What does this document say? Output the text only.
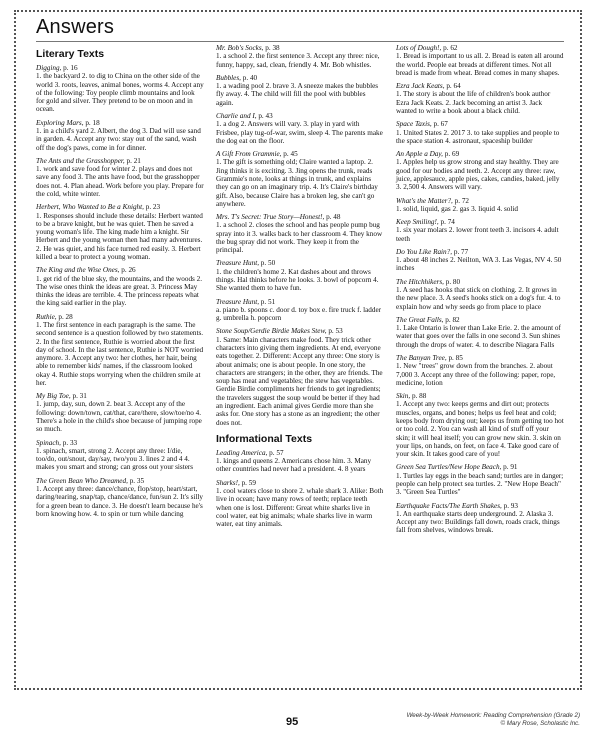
Answers
Literary Texts
Digging, p. 16
1. the backyard 2. to dig to China on the other side of the world 3. roots, leaves, animal bones, worms 4. Accept any of the following: Toy people climb mountains and look for gold and silver. They pretend to be on moon and in ocean.
Exploring Mars, p. 18
1. in a child's yard 2. Albert, the dog 3. Dad will use sand in garden. 4. Accept any two: stay out of the sand, wash off the dog's paws, come in for dinner.
The Ants and the Grasshopper, p. 21
1. work and save food for winter 2. plays and does not save any food 3. The ants have food, but the grasshopper does not. 4. Plan ahead. Work before you play. Prepare for the cold, white winter.
Herbert, Who Wanted to Be a Knight, p. 23
1. Responses should include these details: Herbert wanted to be a brave knight, but he was quiet. Then he saved a young woman's life. The king made him a knight. Sir Herbert and the young woman then had many adventures. 2. He was quiet, and his face turned red easily. 3. Herbert killed a bear to protect a young woman.
The King and the Wise Ones, p. 26
1. get rid of the blue sky, the mountains, and the woods 2. The wise ones think the ideas are great. 3. Princess May thinks the ideas are terrible. 4. The princess repeats what the king said earlier in the play.
Ruthie, p. 28
1. The first sentence in each paragraph is the same. The second sentence is a question followed by two statements. 2. In the first sentence, Ruthie is worried about the first day of school. In the last sentence, Ruthie is NOT worried anymore. 3. Accept any two: her clothes, her hair, being able to remember kids' names, if the classroom looked okay 4. Ruthie stops worrying when the children smile at her.
My Big Toe, p. 31
1. jump, day, sun, down 2. beat 3. Accept any of the following: down/town, cat/that, care/there, slow/toe/no 4. There's a hole in the child's shoe because of jumping rope so much.
Spinach, p. 33
1. spinach, smart, strong 2. Accept any three: I/die, too/do, out/snout, day/say, two/you 3. lines 2 and 4 4. makes you smart and strong; can gross out your sisters
The Green Bean Who Dreamed, p. 35
1. Accept any three: dance/chance, flop/stop, heart/start, daring/tearing, snap/tap, chance/dance, fun/sun 2. It's silly for a green bean to dance. 3. He doesn't learn because he's born knowing how. 4. to spin or turn while dancing
Mr. Bob's Socks, p. 38
1. a school 2. the first sentence 3. Accept any three: nice, funny, happy, sad, clean, friendly 4. Mr. Bob whistles.
Bubbles, p. 40
1. a wading pool 2. brave 3. A sneeze makes the bubbles fly away. 4. The child will fill the pool with bubbles again.
Charlie and I, p. 43
1. a dog 2. Answers will vary. 3. play in yard with Frisbee, play tug-of-war, swim, sleep 4. The parents make the dog eat on the floor.
A Gift From Grammie, p. 45
1. The gift is something old; Claire wanted a laptop. 2. Jing thinks it is exciting. 3. Jing opens the trunk, reads Grammie's note, looks at things in trunk, and explains they can go on an imaginary trip. 4. It's Claire's birthday gift. Also, because Claire has a broken leg, she can't go anywhere.
Mrs. T's Secret: True Story—Honest!, p. 48
1. a school 2. closes the school and has people pump bug spray into it 3. walks back to her classroom 4. They know the bug spray did not work. They keep it from the principal.
Treasure Hunt, p. 50
1. the children's home 2. Kat dashes about and throws things. Hal thinks before he looks. 3. bowl of popcorn 4. She wanted them to have fun.
Treasure Hunt, p. 51
a. piano b. spoons c. door d. toy box e. fire truck f. ladder g. umbrella h. popcorn
Stone Soup/Gerdie Birdie Makes Stew, p. 53
1. Same: Main characters make food. They trick other characters into giving them ingredients. At end, everyone eats together. 2. Different: Accept any three: One story is about animals; one is about people. In one story, the characters are strangers; in the other, they are friends. The soup has meat and vegetables; the stew has vegetables. Gerdie Birdie compliments her friends to get ingredients; the travelers suggest the soup would be better if they had an ingredient. Each animal gives Gerdie more than she asks for. One story has a stone as an ingredient; the other does not.
Informational Texts
Leading America, p. 57
1. kings and queens 2. Americans chose him. 3. Many other countries had never had a president. 4. 8 years
Sharks!, p. 59
1. cool waters close to shore 2. whale shark 3. Alike: Both live in ocean; have many rows of teeth; replace teeth when one is lost. Different: Great white sharks live in cool water, eat big animals; whale sharks live in warm water, eat tiny animals.
Lots of Dough!, p. 62
1. Bread is important to us all. 2. Bread is eaten all around the world. People eat breads at different times. Not all bread is made from wheat. Bread comes in many shapes.
Ezra Jack Keats, p. 64
1. The story is about the life of children's book author Ezra Jack Keats. 2. Jack becoming an artist 3. Jack wanted to write a book about a black child.
Space Taxis, p. 67
1. United States 2. 2017 3. to take supplies and people to the space station 4. astronaut, spaceship builder
An Apple a Day, p. 69
1. Apples help us grow strong and stay healthy. They are good for our bodies and teeth. 2. Accept any three: raw, juice, applesauce, apple pies, cakes, candies, baked, jelly 3. 2,500 4. Answers will vary.
What's the Matter?, p. 72
1. solid, liquid, gas 2. gas 3. liquid 4. solid
Keep Smiling!, p. 74
1. six year molars 2. lower front teeth 3. incisors 4. adult teeth
Do You Like Rain?, p. 77
1. about 48 inches 2. Neilton, WA 3. Las Vegas, NV 4. 50 inches
The Hitchhikers, p. 80
1. A seed has hooks that stick on clothing. 2. It grows in the new place. 3. A seed's hooks stick on a dog's fur. 4. to explain how and why seeds go from place to place
The Great Falls, p. 82
1. Lake Ontario is lower than Lake Erie. 2. the amount of water that goes over the falls in one second 3. Sun shines through the drops of water. 4. to describe Niagara Falls
The Banyan Tree, p. 85
1. New "trees" grow down from the branches. 2. about 7,000 3. Accept any three of the following: paper, rope, medicine, lotion
Skin, p. 88
1. Accept any two: keeps germs and dirt out; protects muscles, organs, and bones; helps us feel heat and cold; keeps body from drying out; keeps us from getting too hot or too cold. 2. You can wash all kind of stuff off your skin; it will heal itself; you can grow new skin. 3. skin on your lips, on hands, on feet, on face 4. Take good care of your skin. It takes good care of you!
Green Sea Turtles/New Hope Beach, p. 91
1. Turtles lay eggs in the beach sand; turtles are in danger; people can help protect sea turtles. 2. "New Hope Beach" 3. "Green Sea Turtles"
Earthquake Facts/The Earth Shakes, p. 93
1. An earthquake starts deep underground. 2. Alaska 3. Accept any two: Buildings fall down, roads crack, things fall from shelves, windows break.
95
Week-by-Week Homework: Reading Comprehension (Grade 2)
© Mary Rose, Scholastic Inc.
